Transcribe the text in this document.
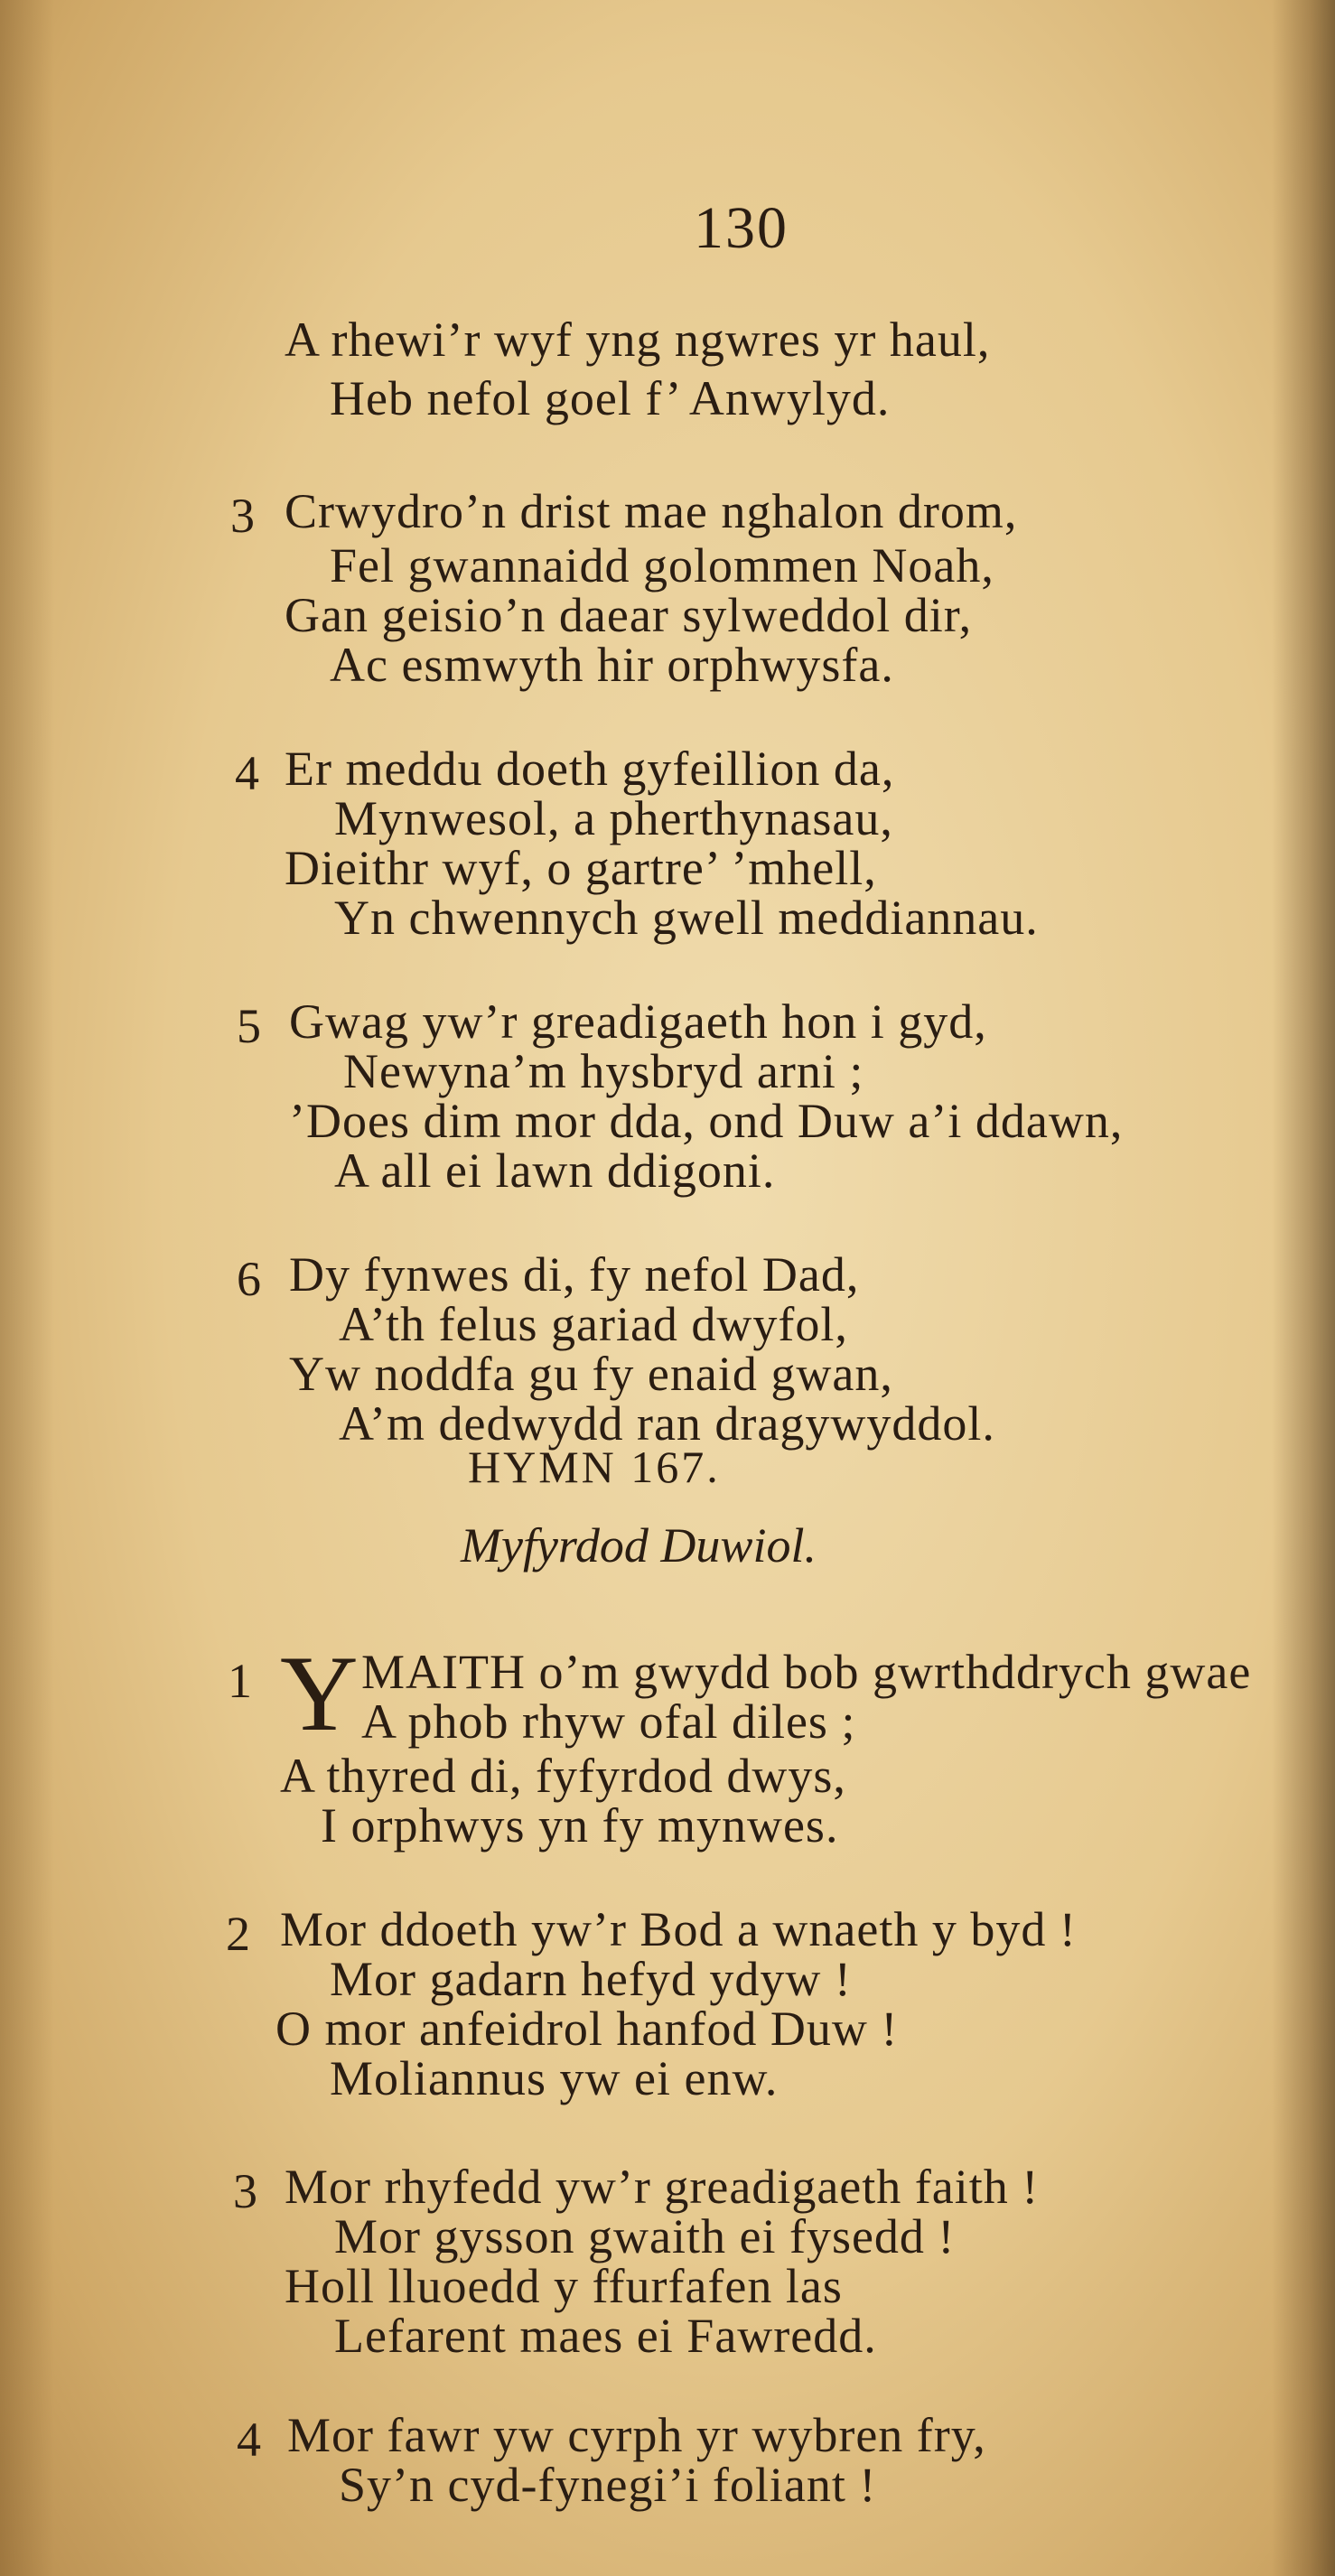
130
A rhewi’r wyf yng ngwres yr haul,
Heb nefol goel f’ Anwylyd.
3 Crwydro’n drist mae nghalon drom,
Fel gwannaidd golommen Noah,
Gan geisio’n daear sylweddol dir,
Ac esmwyth hir orphwysfa.
4 Er meddu doeth gyfeillion da,
Mynwesol, a pherthynasau,
Dieithr wyf, o gartre’ ’mhell,
Yn chwennych gwell meddiannau.
5 Gwag yw’r greadigaeth hon i gyd,
Newyna’m hysbryd arni ;
’Does dim mor dda, ond Duw a’i ddawn,
A all ei lawn ddigoni.
6 Dy fynwes di, fy nefol Dad,
A’th felus gariad dwyfol,
Yw noddfa gu fy enaid gwan,
A’m dedwydd ran dragywyddol.
HYMN 167.
Myfyrdod Duwiol.
1 Y MAITH o’m gwydd bob gwrthddrych gwae
A phob rhyw ofal diles ;
A thyred di, fyfyrdod dwys,
I orphwys yn fy mynwes.
2 Mor ddoeth yw’r Bod a wnaeth y byd !
Mor gadarn hefyd ydyw !
O mor anfeidrol hanfod Duw !
Moliannus yw ei enw.
3 Mor rhyfedd yw’r greadigaeth faith !
Mor gysson gwaith ei fysedd !
Holl lluoedd y ffurfafen las
Lefarent maes ei Fawredd.
4 Mor fawr yw cyrph yr wybren fry,
Sy’n cyd-fynegi’i foliant !
